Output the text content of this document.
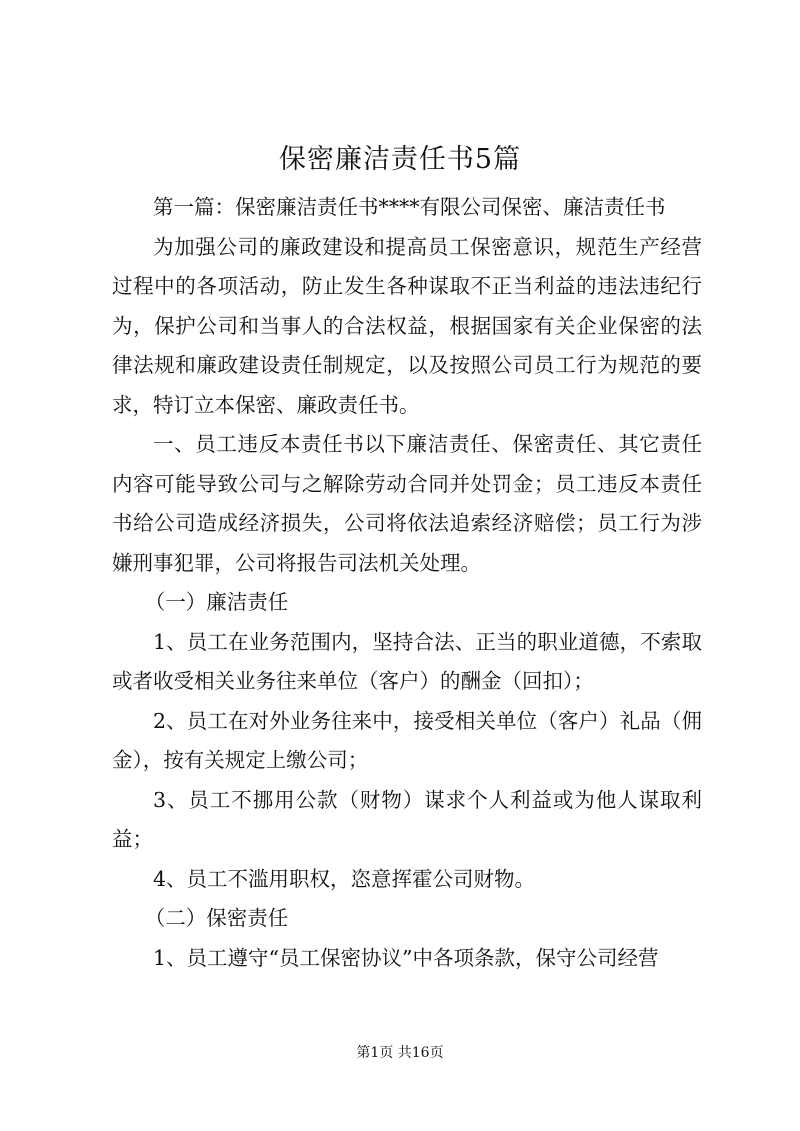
保密廉洁责任书5篇

第一篇：保密廉洁责任书****有限公司保密、廉洁责任书

为加强公司的廉政建设和提高员工保密意识，规范生产经营过程中的各项活动，防止发生各种谋取不正当利益的违法违纪行为，保护公司和当事人的合法权益，根据国家有关企业保密的法律法规和廉政建设责任制规定，以及按照公司员工行为规范的要求，特订立本保密、廉政责任书。

一、员工违反本责任书以下廉洁责任、保密责任、其它责任内容可能导致公司与之解除劳动合同并处罚金；员工违反本责任书给公司造成经济损失，公司将依法追索经济赔偿；员工行为涉嫌刑事犯罪，公司将报告司法机关处理。

（一）廉洁责任

1、员工在业务范围内，坚持合法、正当的职业道德，不索取或者收受相关业务往来单位（客户）的酬金（回扣）；

2、员工在对外业务往来中，接受相关单位（客户）礼品（佣金），按有关规定上缴公司；

3、员工不挪用公款（财物）谋求个人利益或为他人谋取利益；

4、员工不滥用职权，恣意挥霍公司财物。

（二）保密责任

1、员工遵守“员工保密协议”中各项条款，保守公司经营

第1页 共16页
